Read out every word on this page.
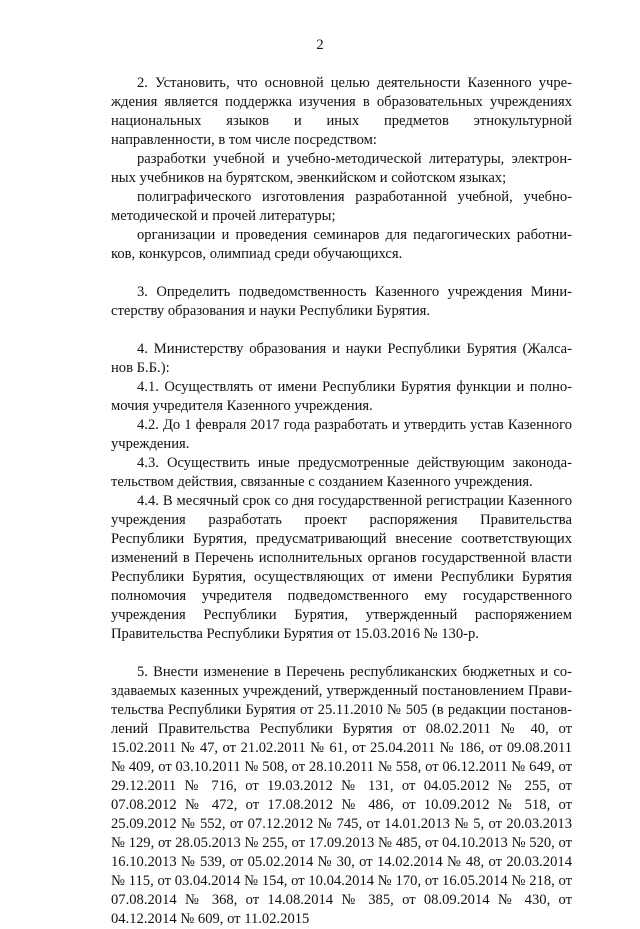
2

2. Установить, что основной целью деятельности Казенного учреждения является поддержка изучения в образовательных учреждениях национальных языков и иных предметов этнокультурной направленности, в том числе посредством:

разработки учебной и учебно-методической литературы, электронных учебников на бурятском, эвенкийском и сойотском языках;

полиграфического изготовления разработанной учебной, учебно-методической и прочей литературы;

организации и проведения семинаров для педагогических работников, конкурсов, олимпиад среди обучающихся.

3. Определить подведомственность Казенного учреждения Министерству образования и науки Республики Бурятия.

4. Министерству образования и науки Республики Бурятия (Жалсанов Б.Б.):

4.1. Осуществлять от имени Республики Бурятия функции и полномочия учредителя Казенного учреждения.

4.2. До 1 февраля 2017 года разработать и утвердить устав Казенного учреждения.

4.3. Осуществить иные предусмотренные действующим законодательством действия, связанные с созданием Казенного учреждения.

4.4. В месячный срок со дня государственной регистрации Казенного учреждения разработать проект распоряжения Правительства Республики Бурятия, предусматривающий внесение соответствующих изменений в Перечень исполнительных органов государственной власти Республики Бурятия, осуществляющих от имени Республики Бурятия полномочия учредителя подведомственного ему государственного учреждения Республики Бурятия, утвержденный распоряжением Правительства Республики Бурятия от 15.03.2016 № 130-р.

5. Внести изменение в Перечень республиканских бюджетных и создаваемых казенных учреждений, утвержденный постановлением Правительства Республики Бурятия от 25.11.2010 № 505 (в редакции постановлений Правительства Республики Бурятия от 08.02.2011 № 40, от 15.02.2011 № 47, от 21.02.2011 № 61, от 25.04.2011 № 186, от 09.08.2011 № 409, от 03.10.2011 № 508, от 28.10.2011 № 558, от 06.12.2011 № 649, от 29.12.2011 № 716, от 19.03.2012 № 131, от 04.05.2012 № 255, от 07.08.2012 № 472, от 17.08.2012 № 486, от 10.09.2012 № 518, от 25.09.2012 № 552, от 07.12.2012 № 745, от 14.01.2013 № 5, от 20.03.2013 № 129, от 28.05.2013 № 255, от 17.09.2013 № 485, от 04.10.2013 № 520, от 16.10.2013 № 539, от 05.02.2014 № 30, от 14.02.2014 № 48, от 20.03.2014 № 115, от 03.04.2014 № 154, от 10.04.2014 № 170, от 16.05.2014 № 218, от 07.08.2014 № 368, от 14.08.2014 № 385, от 08.09.2014 № 430, от 04.12.2014 № 609, от 11.02.2015
